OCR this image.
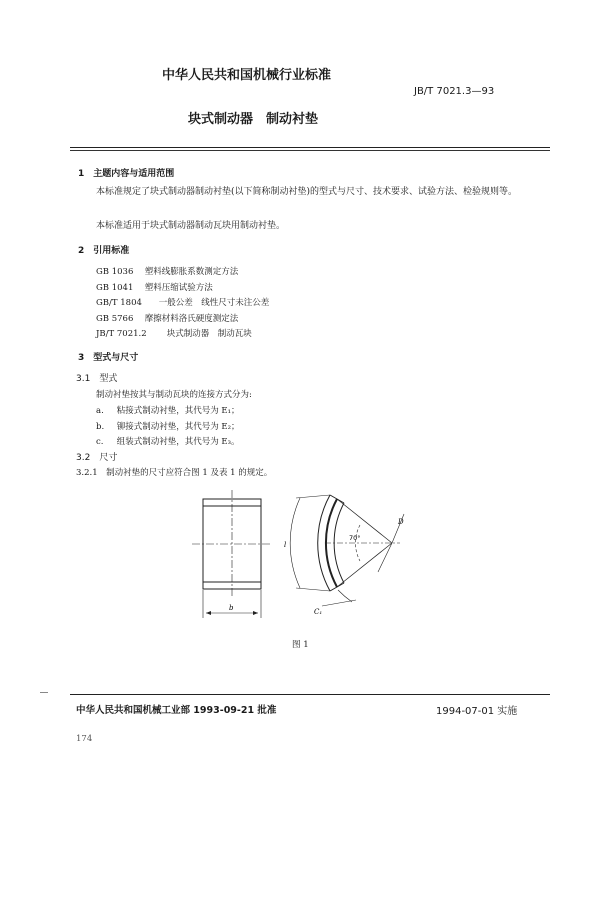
中华人民共和国机械行业标准
JB/T 7021.3—93
块式制动器　制动衬垫
1　主题内容与适用范围
本标准规定了块式制动器制动衬垫(以下简称制动衬垫)的型式与尺寸、技术要求、试验方法、检验规则等。
本标准适用于块式制动器制动瓦块用制动衬垫。
2　引用标准
GB 1036 塑料线膨胀系数测定方法
GB 1041 塑料压缩试验方法
GB/T 1804 一般公差　线性尺寸未注公差
GB 5766 摩擦材料洛氏硬度测定法
JB/T 7021.2 块式制动器　制动瓦块
3　型式与尺寸
3.1　型式
制动衬垫按其与制动瓦块的连接方式分为:
a. 粘接式制动衬垫，其代号为 E₁；
b. 铆接式制动衬垫，其代号为 E₂；
c. 组装式制动衬垫，其代号为 E₃。
3.2　尺寸
3.2.1　制动衬垫的尺寸应符合图 1 及表 1 的规定。
b
l
70°
D
C₁
图 1
中华人民共和国机械工业部 1993-09-21 批准	1994-07-01 实施
174
